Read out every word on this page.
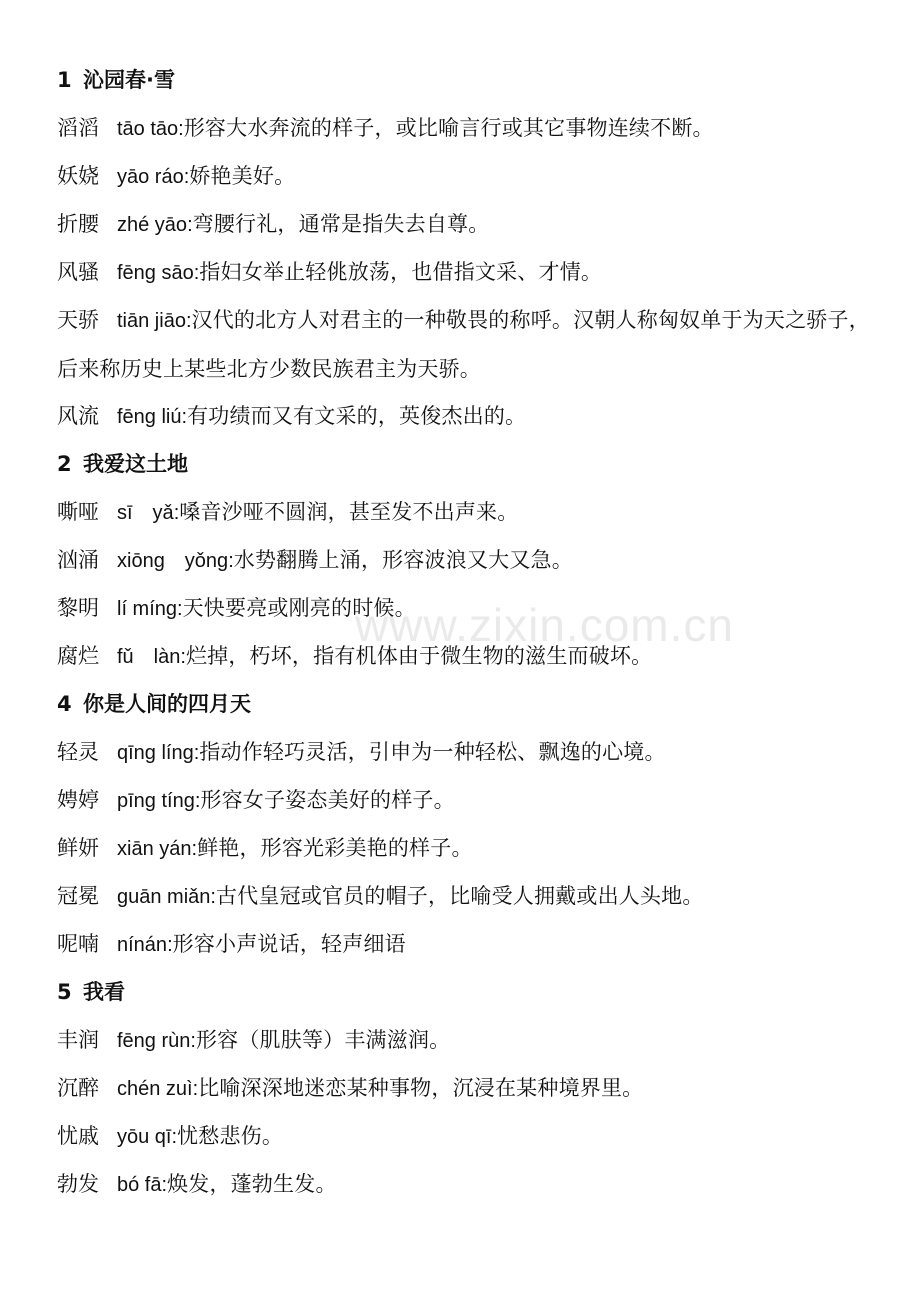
www.zixin.com.cn
1 沁园春·雪
滔滔 tāo tāo:形容大水奔流的样子，或比喻言行或其它事物连续不断。
妖娆 yāo ráo:娇艳美好。
折腰 zhé yāo:弯腰行礼，通常是指失去自尊。
风骚 fēng sāo:指妇女举止轻佻放荡，也借指文采、才情。
天骄 tiān jiāo:汉代的北方人对君主的一种敬畏的称呼。汉朝人称匈奴单于为天之骄子，后来称历史上某些北方少数民族君主为天骄。
风流 fēng liú:有功绩而又有文采的，英俊杰出的。
2 我爱这土地
嘶哑 sī　yǎ:嗓音沙哑不圆润，甚至发不出声来。
汹涌 xiōng　yǒng:水势翻腾上涌，形容波浪又大又急。
黎明 lí míng:天快要亮或刚亮的时候。
腐烂 fǔ　làn:烂掉，朽坏，指有机体由于微生物的滋生而破坏。
4 你是人间的四月天
轻灵 qīng líng:指动作轻巧灵活，引申为一种轻松、飘逸的心境。
娉婷 pīng tíng:形容女子姿态美好的样子。
鲜妍 xiān yán:鲜艳，形容光彩美艳的样子。
冠冕 guān miǎn:古代皇冠或官员的帽子，比喻受人拥戴或出人头地。
呢喃 nínán:形容小声说话，轻声细语
5 我看
丰润 fēng rùn:形容（肌肤等）丰满滋润。
沉醉 chén zuì:比喻深深地迷恋某种事物，沉浸在某种境界里。
忧戚 yōu qī:忧愁悲伤。
勃发 bó fā:焕发，蓬勃生发。
